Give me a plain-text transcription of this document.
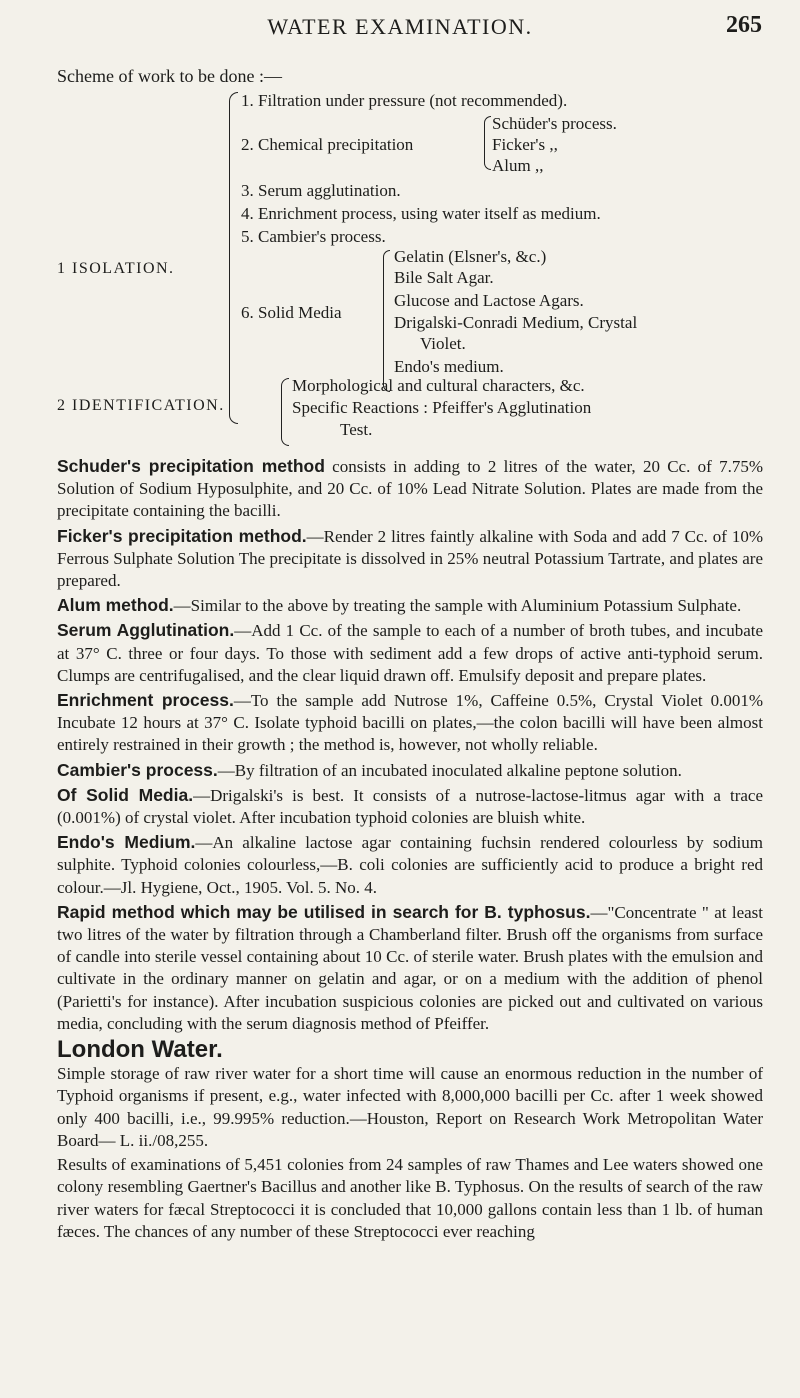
WATER EXAMINATION.	265
Scheme of work to be done :—
1 ISOLATION.
1. Filtration under pressure (not recommended).
2. Chemical precipitation
Schüder's process.
Ficker's ,,
Alum ,,
3. Serum agglutination.
4. Enrichment process, using water itself as medium.
5. Cambier's process.
6. Solid Media
Gelatin (Elsner's, &c.)
Bile Salt Agar.
Glucose and Lactose Agars.
Drigalski-Conradi Medium, Crystal
Violet.
Endo's medium.
2 IDENTIFICATION.
Morphological and cultural characters, &c.
Specific Reactions : Pfeiffer's Agglutination
Test.

Schuder's precipitation method consists in adding to 2 litres of the water, 20 Cc. of 7.75% Solution of Sodium Hyposulphite, and 20 Cc. of 10% Lead Nitrate Solution. Plates are made from the precipitate containing the bacilli.

Ficker's precipitation method.—Render 2 litres faintly alkaline with Soda and add 7 Cc. of 10% Ferrous Sulphate Solution The precipitate is dissolved in 25% neutral Potassium Tartrate, and plates are prepared.

Alum method.—Similar to the above by treating the sample with Aluminium Potassium Sulphate.

Serum Agglutination.—Add 1 Cc. of the sample to each of a number of broth tubes, and incubate at 37° C. three or four days. To those with sediment add a few drops of active anti-typhoid serum. Clumps are centrifugalised, and the clear liquid drawn off. Emulsify deposit and prepare plates.

Enrichment process.—To the sample add Nutrose 1%, Caffeine 0.5%, Crystal Violet 0.001% Incubate 12 hours at 37° C. Isolate typhoid bacilli on plates,—the colon bacilli will have been almost entirely restrained in their growth ; the method is, however, not wholly reliable.

Cambier's process.—By filtration of an incubated inoculated alkaline peptone solution.

Of Solid Media.—Drigalski's is best. It consists of a nutrose-lactose-litmus agar with a trace (0.001%) of crystal violet. After incubation typhoid colonies are bluish white.

Endo's Medium.—An alkaline lactose agar containing fuchsin rendered colourless by sodium sulphite. Typhoid colonies colourless,—B. coli colonies are sufficiently acid to produce a bright red colour.—Jl. Hygiene, Oct., 1905. Vol. 5. No. 4.

Rapid method which may be utilised in search for B. typhosus.—"Concentrate " at least two litres of the water by filtration through a Chamberland filter. Brush off the organisms from surface of candle into sterile vessel containing about 10 Cc. of sterile water. Brush plates with the emulsion and cultivate in the ordinary manner on gelatin and agar, or on a medium with the addition of phenol (Parietti's for instance). After incubation suspicious colonies are picked out and cultivated on various media, concluding with the serum diagnosis method of Pfeiffer.

London Water.

Simple storage of raw river water for a short time will cause an enormous reduction in the number of Typhoid organisms if present, e.g., water infected with 8,000,000 bacilli per Cc. after 1 week showed only 400 bacilli, i.e., 99.995% reduction.—Houston, Report on Research Work Metropolitan Water Board— L. ii./08,255.

Results of examinations of 5,451 colonies from 24 samples of raw Thames and Lee waters showed one colony resembling Gaertner's Bacillus and another like B. Typhosus. On the results of search of the raw river waters for fæcal Streptococci it is concluded that 10,000 gallons contain less than 1 lb. of human fæces. The chances of any number of these Streptococci ever reaching
